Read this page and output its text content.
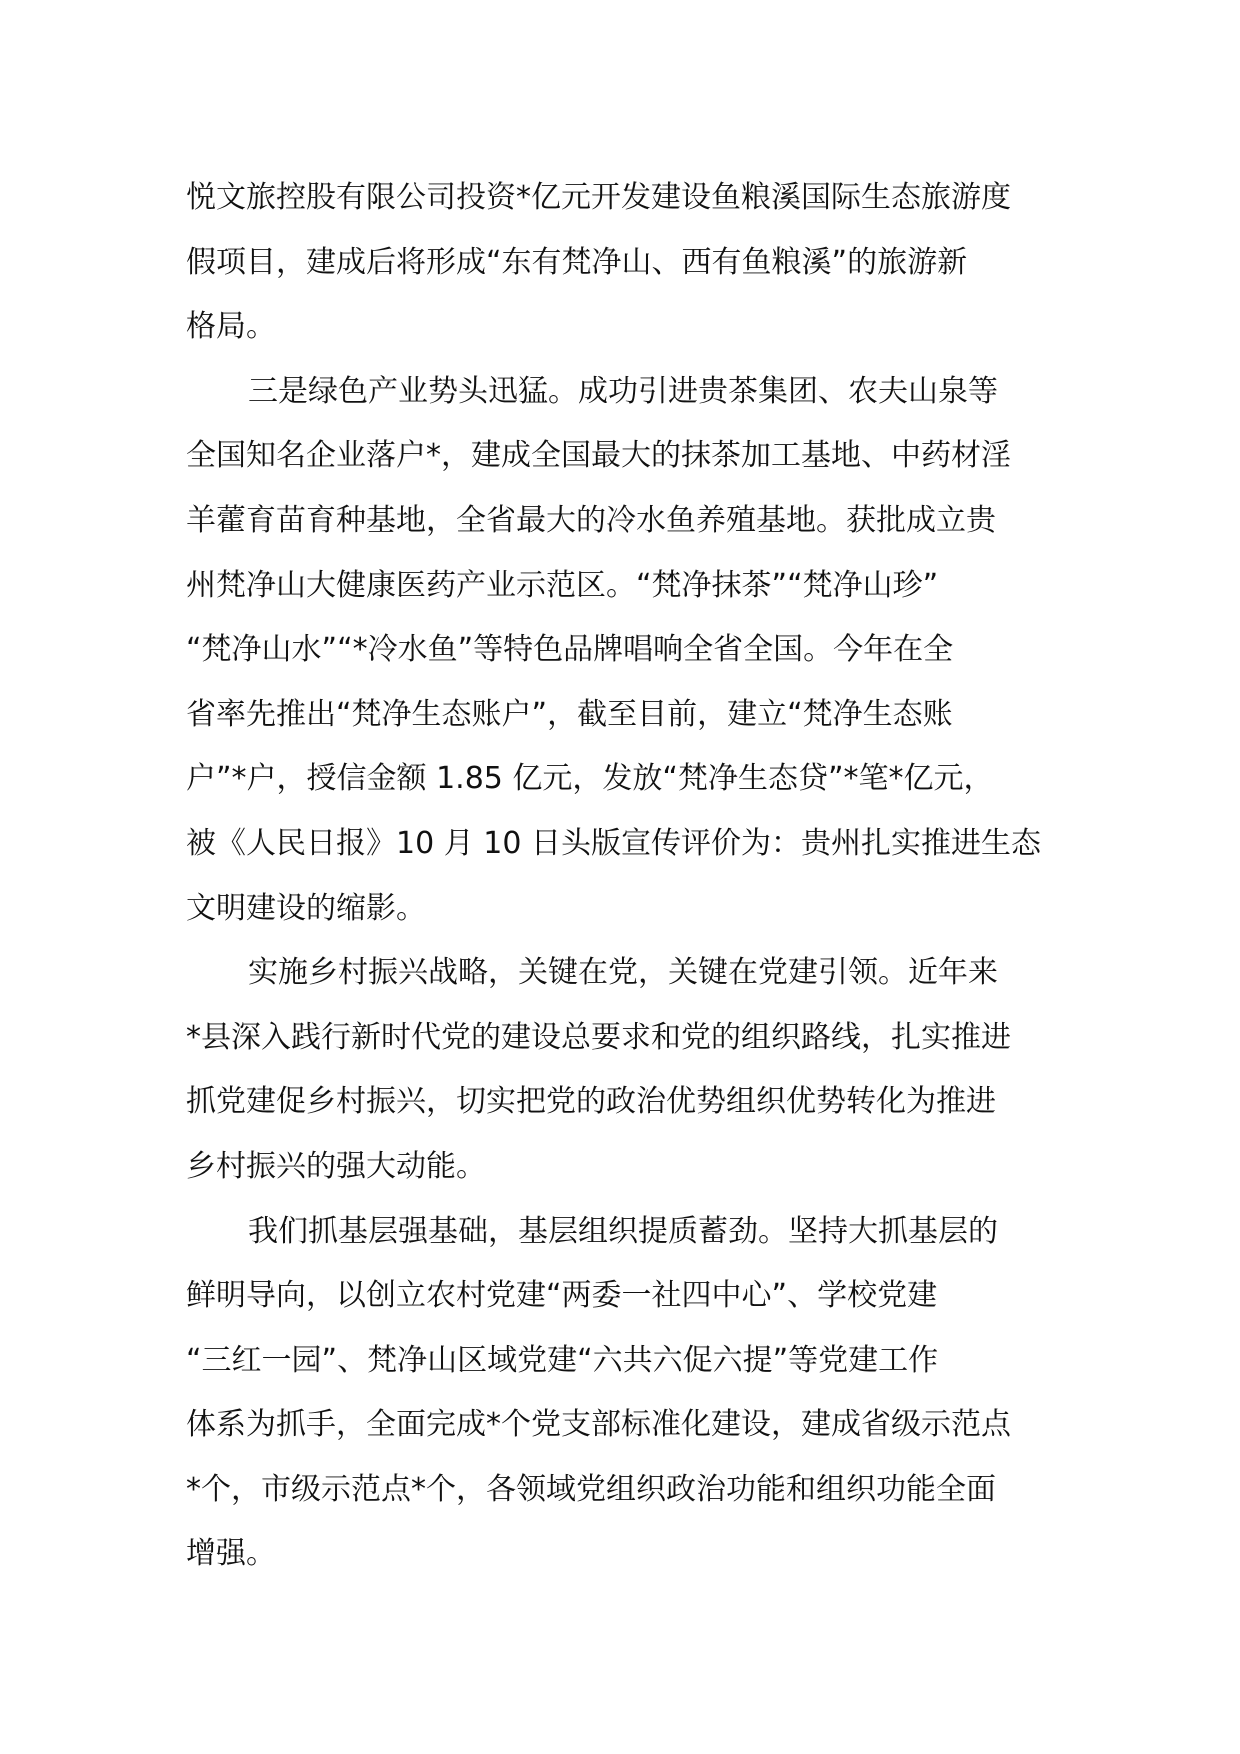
悦文旅控股有限公司投资*亿元开发建设鱼粮溪国际生态旅游度
假项目，建成后将形成“东有梵净山、西有鱼粮溪”的旅游新
格局。
三是绿色产业势头迅猛。成功引进贵茶集团、农夫山泉等
全国知名企业落户*，建成全国最大的抹茶加工基地、中药材淫
羊藿育苗育种基地，全省最大的冷水鱼养殖基地。获批成立贵
州梵净山大健康医药产业示范区。“梵净抹茶”“梵净山珍”
“梵净山水”“*冷水鱼”等特色品牌唱响全省全国。今年在全
省率先推出“梵净生态账户”，截至目前，建立“梵净生态账
户”*户，授信金额 1.85 亿元，发放“梵净生态贷”*笔*亿元，
被《人民日报》10 月 10 日头版宣传评价为：贵州扎实推进生态
文明建设的缩影。
实施乡村振兴战略，关键在党，关键在党建引领。近年来
*县深入践行新时代党的建设总要求和党的组织路线，扎实推进
抓党建促乡村振兴，切实把党的政治优势组织优势转化为推进
乡村振兴的强大动能。
我们抓基层强基础，基层组织提质蓄劲。坚持大抓基层的
鲜明导向，以创立农村党建“两委一社四中心”、学校党建
“三红一园”、梵净山区域党建“六共六促六提”等党建工作
体系为抓手，全面完成*个党支部标准化建设，建成省级示范点
*个，市级示范点*个，各领域党组织政治功能和组织功能全面
增强。
